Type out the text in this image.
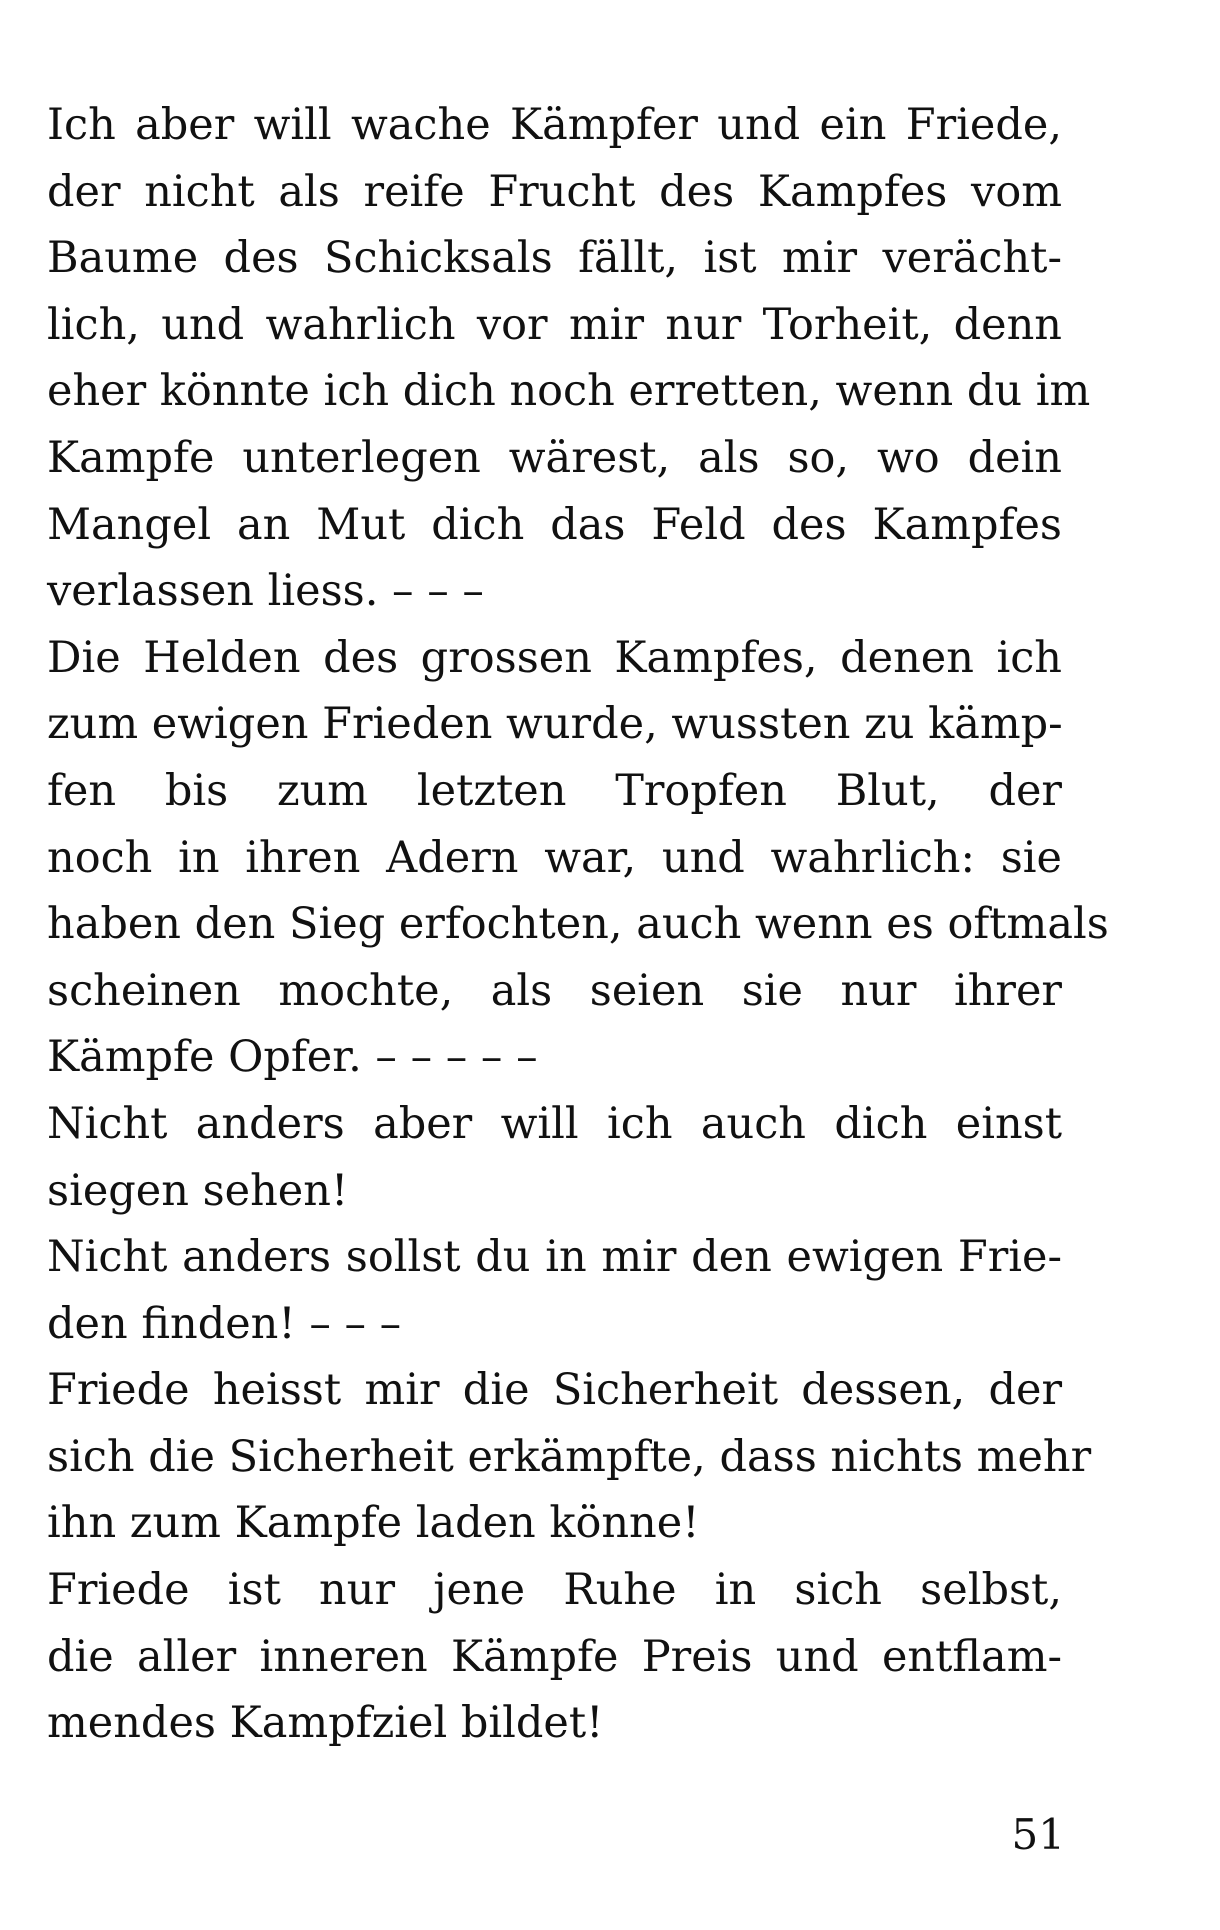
Ich aber will wache Kämpfer und ein Friede,
der nicht als reife Frucht des Kampfes vom
Baume des Schicksals fällt, ist mir verächt-
lich, und wahrlich vor mir nur Torheit, denn
eher könnte ich dich noch erretten, wenn du im
Kampfe unterlegen wärest, als so, wo dein
Mangel an Mut dich das Feld des Kampfes
verlassen liess. – – –
Die Helden des grossen Kampfes, denen ich
zum ewigen Frieden wurde, wussten zu kämp-
fen bis zum letzten Tropfen Blut, der
noch in ihren Adern war, und wahrlich: sie
haben den Sieg erfochten, auch wenn es oftmals
scheinen mochte, als seien sie nur ihrer
Kämpfe Opfer. – – – – –
Nicht anders aber will ich auch dich einst
siegen sehen!
Nicht anders sollst du in mir den ewigen Frie-
den finden! – – –
Friede heisst mir die Sicherheit dessen, der
sich die Sicherheit erkämpfte, dass nichts mehr
ihn zum Kampfe laden könne!
Friede ist nur jene Ruhe in sich selbst,
die aller inneren Kämpfe Preis und entflam-
mendes Kampfziel bildet!
51
